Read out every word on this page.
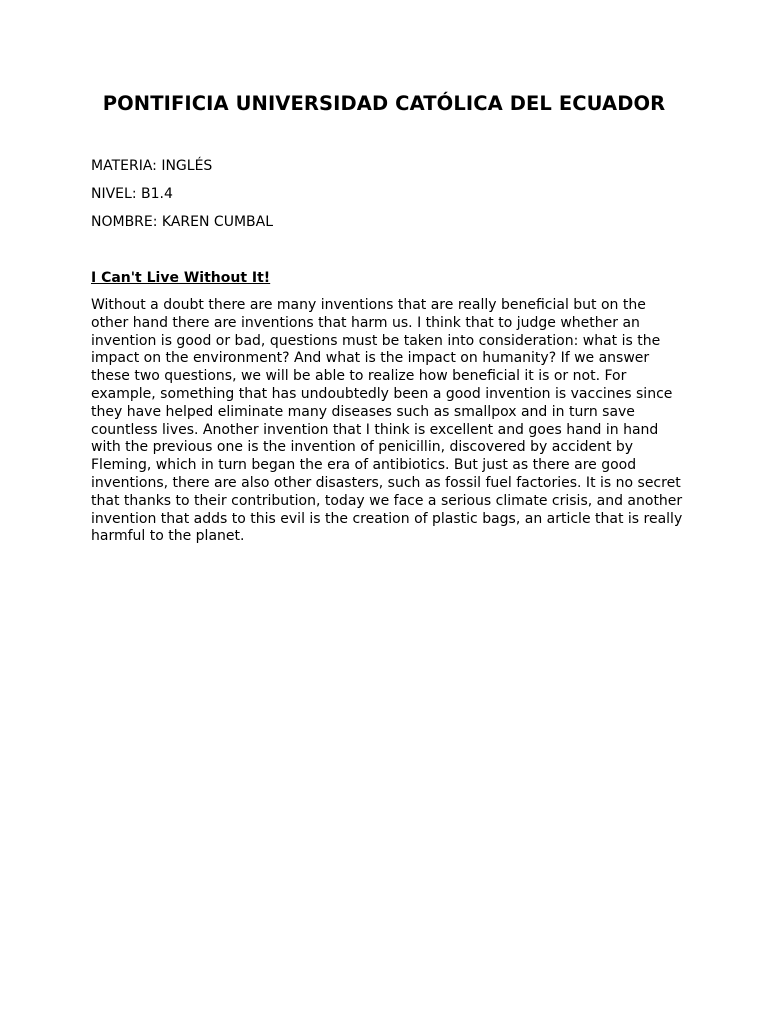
PONTIFICIA UNIVERSIDAD CATÓLICA DEL ECUADOR
MATERIA: INGLÉS
NIVEL: B1.4
NOMBRE: KAREN CUMBAL
I Can't Live Without It!

Without a doubt there are many inventions that are really beneficial but on the
other hand there are inventions that harm us. I think that to judge whether an
invention is good or bad, questions must be taken into consideration: what is the
impact on the environment? And what is the impact on humanity? If we answer
these two questions, we will be able to realize how beneficial it is or not. For
example, something that has undoubtedly been a good invention is vaccines since
they have helped eliminate many diseases such as smallpox and in turn save
countless lives. Another invention that I think is excellent and goes hand in hand
with the previous one is the invention of penicillin, discovered by accident by
Fleming, which in turn began the era of antibiotics. But just as there are good
inventions, there are also other disasters, such as fossil fuel factories. It is no secret
that thanks to their contribution, today we face a serious climate crisis, and another
invention that adds to this evil is the creation of plastic bags, an article that is really
harmful to the planet.
